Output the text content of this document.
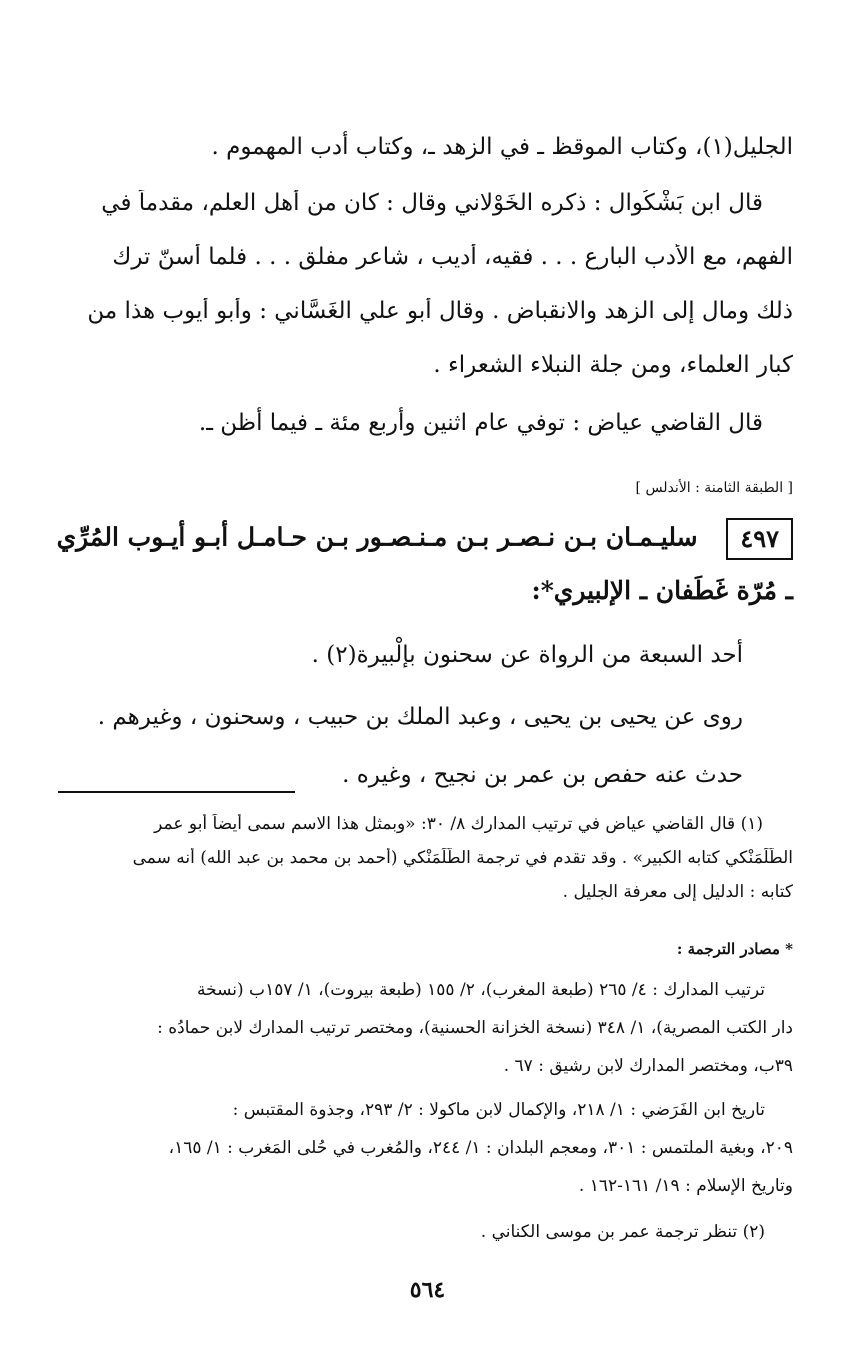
الجليل(١)، وكتاب الموقظ ـ في الزهد ـ، وكتاب أدب المهموم .
قال ابن بَشْكُوال : ذكره الخَوْلاني وقال : كان من أهل العلم، مقدماً في
الفهم، مع الأدب البارع . . . فقيه، أديب ، شاعر مفلق . . . فلما أسنّ ترك
ذلك ومال إلى الزهد والانقباض . وقال أبو علي الغَسَّاني : وأبو أيوب هذا من
كبار العلماء، ومن جلة النبلاء الشعراء .
قال القاضي عياض : توفي عام اثنين وأربع مئة ـ فيما أظن ـ.
[ الطبقة الثامنة : الأندلس ]
٤٩٧ سليـمـان بـن نـصـر بـن مـنـصـور بـن حـامـل أبـو أيـوب المُرِّي
ـ مُرّة غَطَفان ـ الإلبيري*:
أحد السبعة من الرواة عن سحنون بإلْبيرة(٢) .
روى عن يحيى بن يحيى ، وعبد الملك بن حبيب ، وسحنون ، وغيرهم .
حدث عنه حفص بن عمر بن نجيح ، وغيره .
(١) قال القاضي عياض في ترتيب المدارك ٨/ ٣٠: «وبمثل هذا الاسم سمى أيضاً أبو عمر
الطَّلَمَنْكي كتابه الكبير» . وقد تقدم في ترجمة الطَّلَمَنْكي (أحمد بن محمد بن عبد الله) أنه سمى
كتابه : الدليل إلى معرفة الجليل .
* مصادر الترجمة :
ترتيب المدارك : ٤/ ٢٦٥ (طبعة المغرب)، ٢/ ١٥٥ (طبعة بيروت)، ١/ ١٥٧ب (نسخة
دار الكتب المصرية)، ١/ ٣٤٨ (نسخة الخزانة الحسنية)، ومختصر ترتيب المدارك لابن حمادُه :
٣٩ب، ومختصر المدارك لابن رشيق : ٦٧ .
تاريخ ابن الفَرَضي : ١/ ٢١٨، والإكمال لابن ماكولا : ٢/ ٢٩٣، وجذوة المقتبس :
٢٠٩، وبغية الملتمس : ٣٠١، ومعجم البلدان : ١/ ٢٤٤، والمُغرب في حُلى المَغرب : ١/ ١٦٥،
وتاريخ الإسلام : ١٩/ ١٦١-١٦٢ .
(٢) تنظر ترجمة عمر بن موسى الكناني .
٥٦٤
